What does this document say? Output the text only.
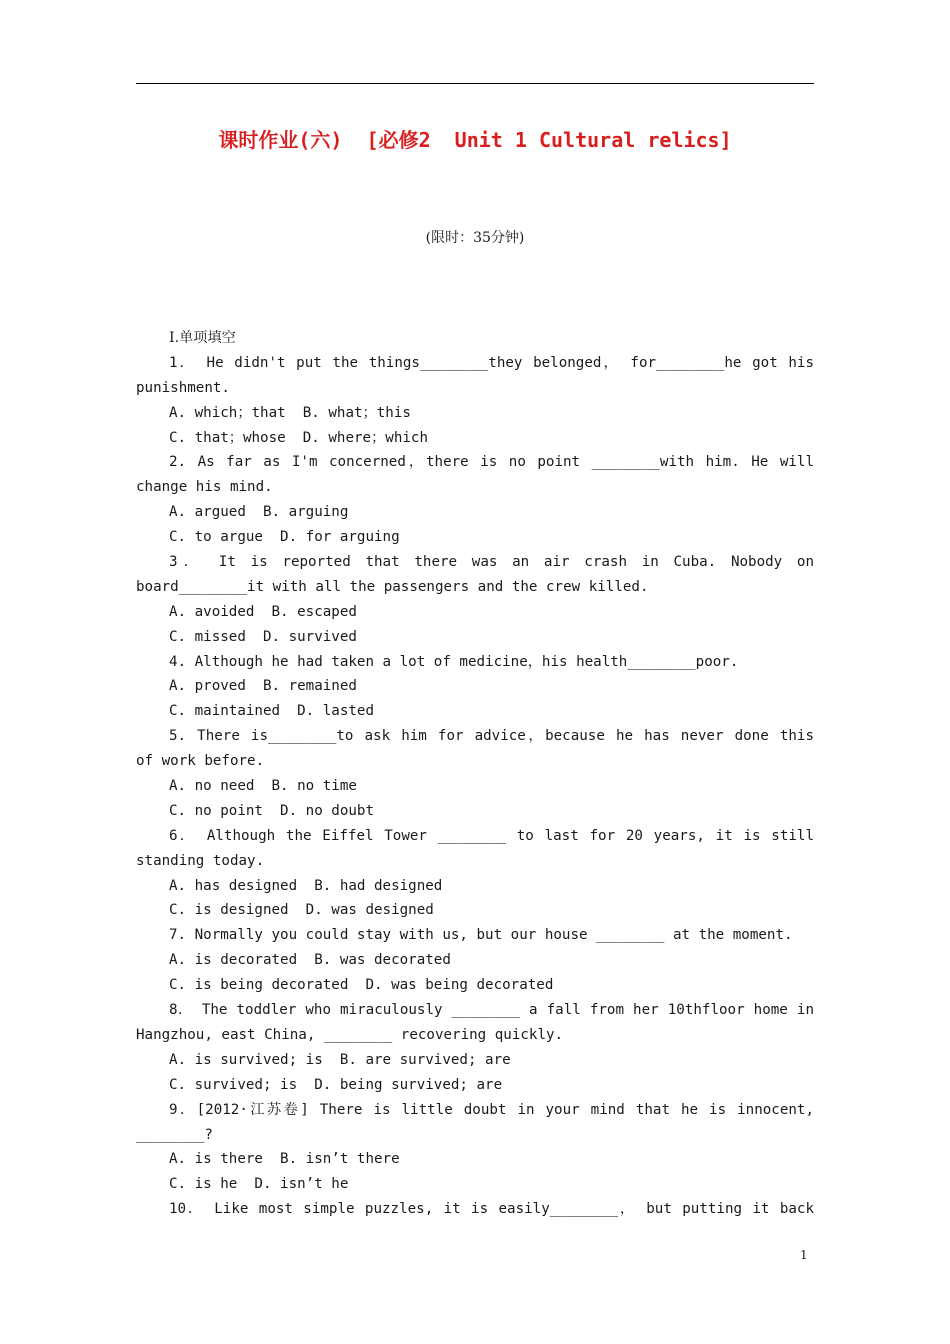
课时作业(六)  [必修2  Unit 1 Cultural relics]
(限时：35分钟)
Ⅰ.单项填空
1． He didn't put the things________they belonged， for________he got his
punishment.
A. which；that  B. what；this
C. that；whose  D. where；which
2. As far as I'm concerned，there is no point ________with him. He will
change his mind.
A. argued  B. arguing
C. to argue  D. for arguing
3． It is reported that there was an air crash in Cuba. Nobody on
board________it with all the passengers and the crew killed.
A. avoided  B. escaped
C. missed  D. survived
4. Although he had taken a lot of medicine，his health________poor.
A. proved  B. remained
C. maintained  D. lasted
5. There is________to ask him for advice，because he has never done this
of work before.
A. no need  B. no time
C. no point  D. no doubt
6． Although the Eiffel Tower ________ to last for 20 years, it is still
standing today.
A. has designed  B. had designed
C. is designed  D. was designed
7. Normally you could stay with us, but our house ________ at the moment.
A. is decorated  B. was decorated
C. is being decorated  D. was being decorated
8． The toddler who miraculously ________ a fall from her 10thfloor home in
Hangzhou, east China, ________ recovering quickly.
A. is survived; is  B. are survived; are
C. survived; is  D. being survived; are
9．[2012·江苏卷] There is little doubt in your mind that he is innocent,
________?
A. is there  B. isn’t there
C. is he  D. isn’t he
10． Like most simple puzzles, it is easily________， but putting it back
1
